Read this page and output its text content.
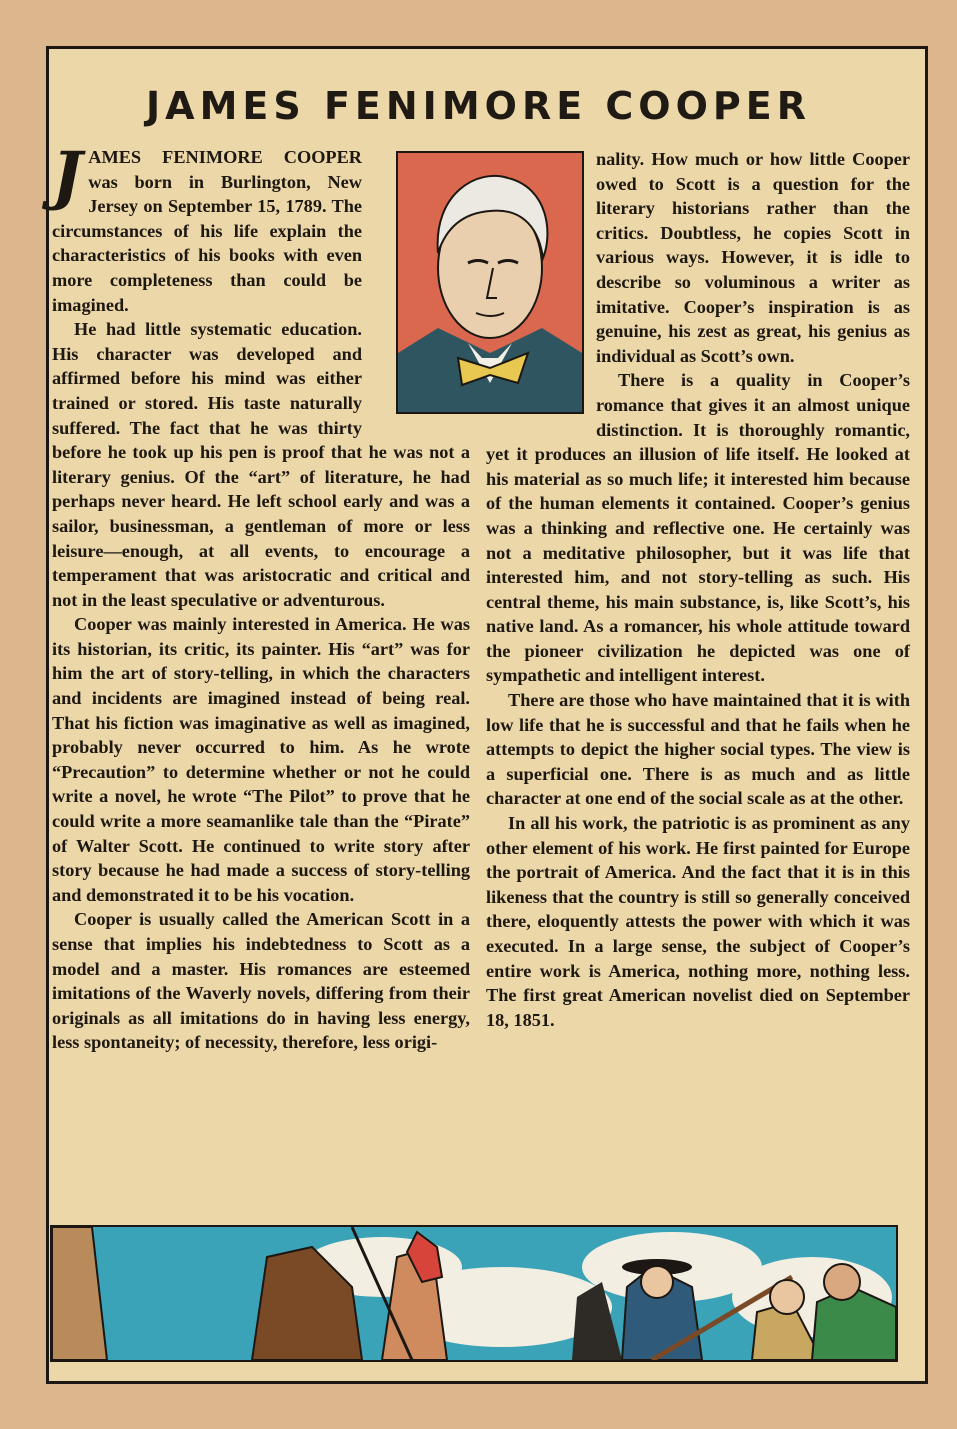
JAMES FENIMORE COOPER
J AMES FENIMORE COOPER was born in Burlington, New Jersey on September 15, 1789. The circumstances of his life explain the characteristics of his books with even more completeness than could be imagined.

He had little systematic education. His character was developed and affirmed before his mind was either trained or stored. His taste naturally suffered. The fact that he was thirty before he took up his pen is proof that he was not a literary genius. Of the “art” of literature, he had perhaps never heard. He left school early and was a sailor, businessman, a gentleman of more or less leisure—enough, at all events, to encourage a temperament that was aristocratic and critical and not in the least speculative or adventurous.

Cooper was mainly interested in America. He was its historian, its critic, its painter. His “art” was for him the art of story-telling, in which the characters and incidents are imagined instead of being real. That his fiction was imaginative as well as imagined, probably never occurred to him. As he wrote “Precaution” to determine whether or not he could write a novel, he wrote “The Pilot” to prove that he could write a more seamanlike tale than the “Pirate” of Walter Scott. He continued to write story after story because he had made a success of story-telling and demonstrated it to be his vocation.

Cooper is usually called the American Scott in a sense that implies his indebtedness to Scott as a model and a master. His romances are esteemed imitations of the Waverly novels, differing from their originals as all imitations do in having less energy, less spontaneity; of necessity, therefore, less origi-

nality. How much or how little Cooper owed to Scott is a question for the literary historians rather than the critics. Doubtless, he copies Scott in various ways. However, it is idle to describe so voluminous a writer as imitative. Cooper’s inspiration is as genuine, his zest as great, his genius as individual as Scott’s own.

There is a quality in Cooper’s romance that gives it an almost unique distinction. It is thoroughly romantic, yet it produces an illusion of life itself. He looked at his material as so much life; it interested him because of the human elements it contained. Cooper’s genius was a thinking and reflective one. He certainly was not a meditative philosopher, but it was life that interested him, and not story-telling as such. His central theme, his main substance, is, like Scott’s, his native land. As a romancer, his whole attitude toward the pioneer civilization he depicted was one of sympathetic and intelligent interest.

There are those who have maintained that it is with low life that he is successful and that he fails when he attempts to depict the higher social types. The view is a superficial one. There is as much and as little character at one end of the social scale as at the other.

In all his work, the patriotic is as prominent as any other element of his work. He first painted for Europe the portrait of America. And the fact that it is in this likeness that the country is still so generally conceived there, eloquently attests the power with which it was executed. In a large sense, the subject of Cooper’s entire work is America, nothing more, nothing less. The first great American novelist died on September 18, 1851.
